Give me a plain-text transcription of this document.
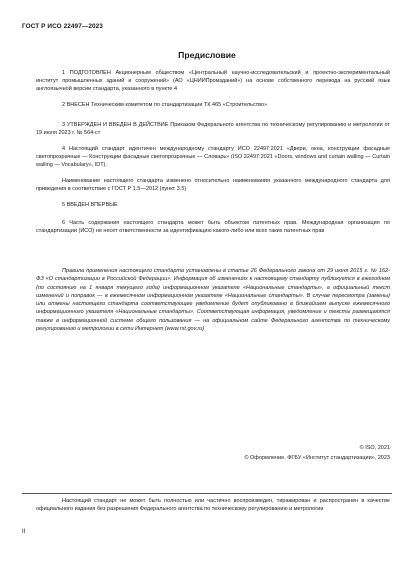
ГОСТ Р ИСО 22497—2023
Предисловие

1 ПОДГОТОВЛЕН Акционерным обществом «Центральный научно-исследовательский и проектно-экспериментальный институт промышленных зданий и сооружений» (АО «ЦНИИПромзданий») на основе собственного перевода на русский язык англоязычной версии стандарта, указанного в пункте 4

2 ВНЕСЕН Техническим комитетом по стандартизации ТК 465 «Строительство»

3 УТВЕРЖДЕН И ВВЕДЕН В ДЕЙСТВИЕ Приказом Федерального агентства по техническому регулированию и метрологии от 19 июля 2023 г. № 564-ст

4 Настоящий стандарт идентичен международному стандарту ИСО 22497:2021 «Двери, окна, конструкции фасадные светопрозрачные — Конструкции фасадные светопрозрачные — Словарь» (ISO 22497:2021 «Doors, windows and curtain walling — Curtain walling — Vocabulary», IDT).

Наименование настоящего стандарта изменено относительно наименования указанного международного стандарта для приведения в соответствие с ГОСТ Р 1.5—2012 (пункт 3.5)

5 ВВЕДЕН ВПЕРВЫЕ

6 Часть содержания настоящего стандарта может быть объектом патентных прав. Международная организация по стандартизации (ИСО) не несет ответственности за идентификацию какого-либо или всех таких патентных прав

Правила применения настоящего стандарта установлены в статье 26 Федерального закона от 29 июня 2015 г. № 162-ФЗ «О стандартизации в Российской Федерации». Информация об изменениях к настоящему стандарту публикуется в ежегодном (по состоянию на 1 января текущего года) информационном указателе «Национальные стандарты», а официальный текст изменений и поправок — в ежемесячном информационном указателе «Национальные стандарты». В случае пересмотра (замены) или отмены настоящего стандарта соответствующее уведомление будет опубликовано в ближайшем выпуске ежемесячного информационного указателя «Национальные стандарты». Соответствующая информация, уведомление и тексты размещаются также в информационной системе общего пользования — на официальном сайте Федерального агентства по техническому регулированию и метрологии в сети Интернет (www.rst.gov.ru)

© ISO, 2021
© Оформление. ФГБУ «Институт стандартизации», 2023

Настоящий стандарт не может быть полностью или частично воспроизведен, тиражирован и распространен в качестве официального издания без разрешения Федерального агентства по техническому регулированию и метрологии

II
